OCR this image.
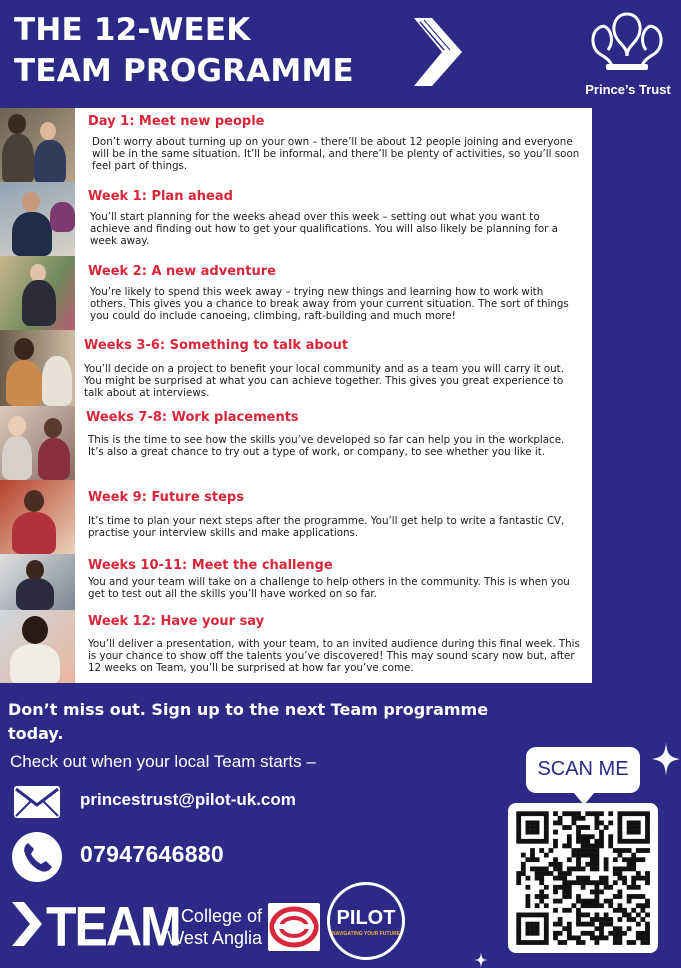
THE 12-WEEK
TEAM PROGRAMME
Prince’s Trust
Day 1: Meet new people
Don’t worry about turning up on your own – there’ll be about 12 people joining and everyone will be in the same situation. It’ll be informal, and there’ll be plenty of activities, so you’ll soon feel part of things.
Week 1: Plan ahead
You’ll start planning for the weeks ahead over this week – setting out what you want to achieve and finding out how to get your qualifications. You will also likely be planning for a week away.
Week 2: A new adventure
You’re likely to spend this week away – trying new things and learning how to work with others. This gives you a chance to break away from your current situation. The sort of things you could do include canoeing, climbing, raft-building and much more!
Weeks 3-6: Something to talk about
You’ll decide on a project to benefit your local community and as a team you will carry it out. You might be surprised at what you can achieve together. This gives you great experience to talk about at interviews.
Weeks 7-8: Work placements
This is the time to see how the skills you’ve developed so far can help you in the workplace. It’s also a great chance to try out a type of work, or company, to see whether you like it.
Week 9: Future steps
It’s time to plan your next steps after the programme. You’ll get help to write a fantastic CV, practise your interview skills and make applications.
Weeks 10-11: Meet the challenge
You and your team will take on a challenge to help others in the community. This is when you get to test out all the skills you’ll have worked on so far.
Week 12: Have your say
You’ll deliver a presentation, with your team, to an invited audience during this final week. This is your chance to show off the talents you’ve discovered! This may sound scary now but, after 12 weeks on Team, you’ll be surprised at how far you’ve come.
Don’t miss out. Sign up to the next Team programme today.
Check out when your local Team starts –
princestrust@pilot-uk.com
07947646880
TEAM College of West Anglia
PILOT
NAVIGATING YOUR FUTURE
SCAN ME
